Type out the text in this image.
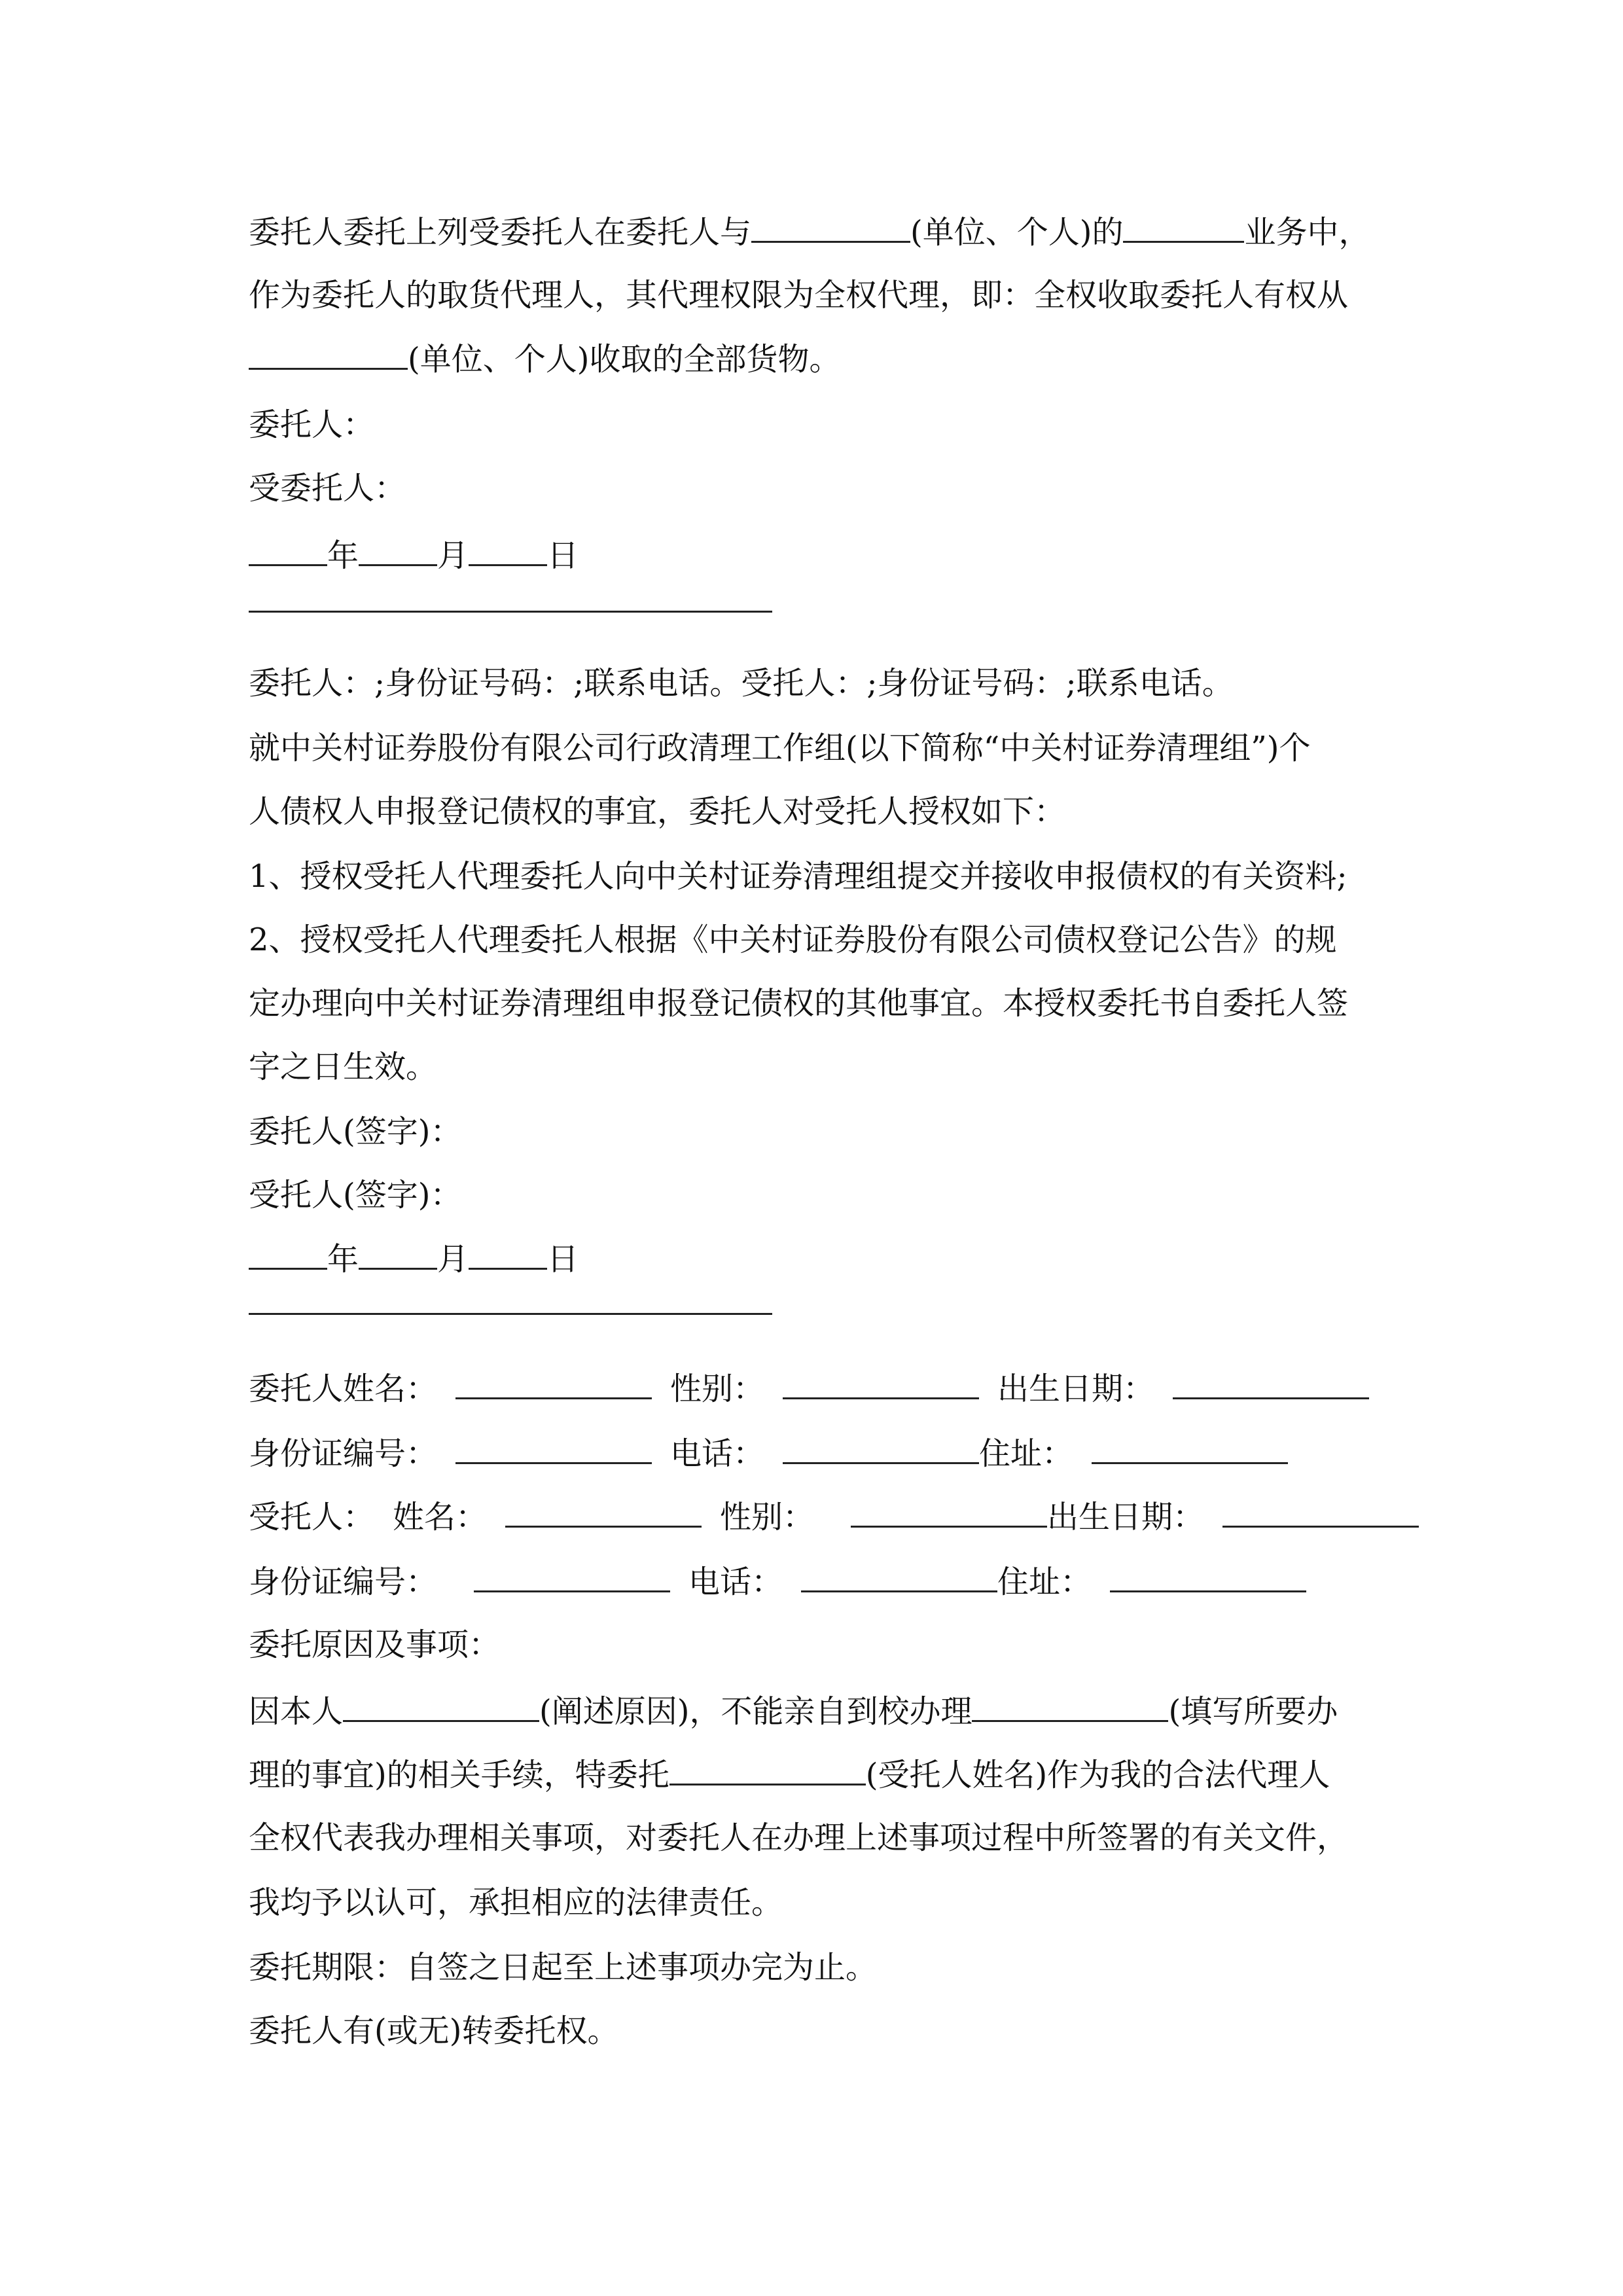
委托人委托上列受委托人在委托人与	(单位、个人)的	业务中，
作为委托人的取货代理人，其代理权限为全权代理，即：全权收取委托人有权从
(单位、个人)收取的全部货物。
委托人：
受委托人：
年	月	日
委托人：;身份证号码：;联系电话。受托人：;身份证号码：;联系电话。
就中关村证券股份有限公司行政清理工作组(以下简称“中关村证券清理组”)个
人债权人申报登记债权的事宜，委托人对受托人授权如下：
1、授权受托人代理委托人向中关村证券清理组提交并接收申报债权的有关资料;
2、授权受托人代理委托人根据《中关村证券股份有限公司债权登记公告》的规
定办理向中关村证券清理组申报登记债权的其他事宜。本授权委托书自委托人签
字之日生效。
委托人(签字)：
受托人(签字)：
年	月	日
委托人姓名：	性别：	出生日期：
身份证编号：	电话：	住址：
受托人： 姓名：	性别：	出生日期：
身份证编号：	电话：	住址：
委托原因及事项：
因本人	(阐述原因)，不能亲自到校办理	(填写所要办
理的事宜)的相关手续，特委托	(受托人姓名)作为我的合法代理人
全权代表我办理相关事项，对委托人在办理上述事项过程中所签署的有关文件，
我均予以认可，承担相应的法律责任。
委托期限：自签之日起至上述事项办完为止。
委托人有(或无)转委托权。
